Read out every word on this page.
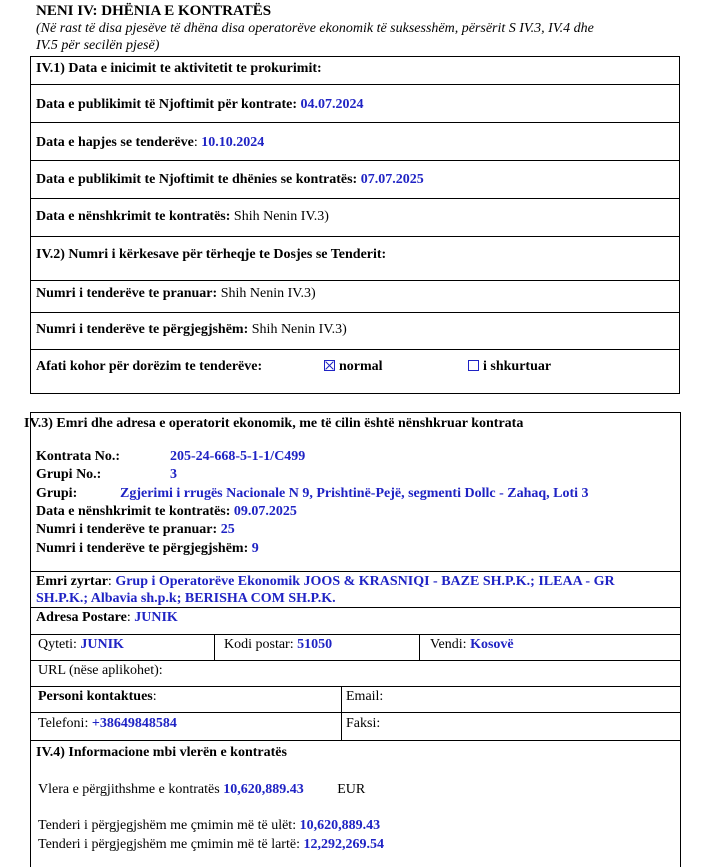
NENI IV: DHËNIA E KONTRATËS
(Në rast të disa pjesëve të dhëna disa operatorëve ekonomik të suksesshëm, përsërit S IV.3, IV.4 dhe
IV.5 për secilën pjesë)
IV.1) Data e inicimit te aktivitetit te prokurimit:
Data e publikimit të Njoftimit për kontrate: 04.07.2024
Data e hapjes se tenderëve: 10.10.2024
Data e publikimit te Njoftimit te dhënies se kontratës: 07.07.2025
Data e nënshkrimit te kontratës: Shih Nenin IV.3)
IV.2) Numri i kërkesave për tërheqje te Dosjes se Tenderit:
Numri i tenderëve te pranuar: Shih Nenin IV.3)
Numri i tenderëve te përgjegjshëm: Shih Nenin IV.3)
Afati kohor për dorëzim te tenderëve:	normal	i shkurtuar
IV.3) Emri dhe adresa e operatorit ekonomik, me të cilin është nënshkruar kontrata
Kontrata No.:	205-24-668-5-1-1/C499
Grupi No.:	3
Grupi:	Zgjerimi i rrugës Nacionale N 9, Prishtinë-Pejë, segmenti Dollc - Zahaq, Loti 3
Data e nënshkrimit te kontratës: 09.07.2025
Numri i tenderëve te pranuar: 25
Numri i tenderëve te përgjegjshëm: 9
Emri zyrtar: Grup i Operatorëve Ekonomik JOOS & KRASNIQI - BAZE SH.P.K.; ILEAA - GR
SH.P.K.; Albavia sh.p.k; BERISHA COM SH.P.K.
Adresa Postare: JUNIK
Qyteti: JUNIK	Kodi postar: 51050	Vendi: Kosovë
URL (nëse aplikohet):
Personi kontaktues:	Email:
Telefoni: +38649848584	Faksi:
IV.4) Informacione mbi vlerën e kontratës
Vlera e përgjithshme e kontratës 10,620,889.43 EUR
Tenderi i përgjegjshëm me çmimin më të ulët: 10,620,889.43
Tenderi i përgjegjshëm me çmimin më të lartë: 12,292,269.54
